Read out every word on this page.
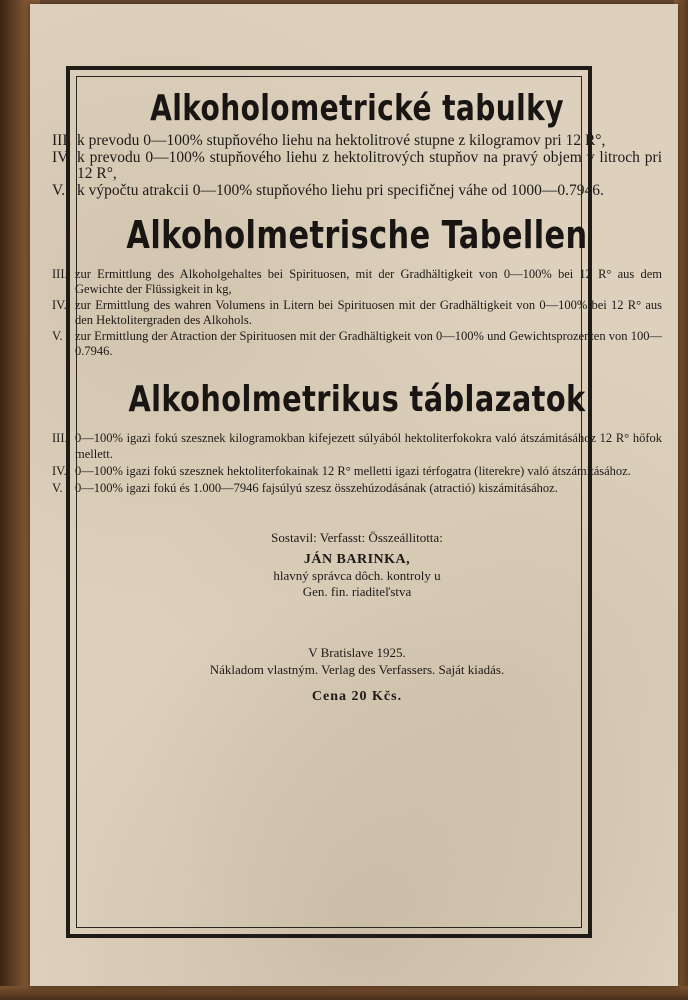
Alkoholometrické tabulky
III. k prevodu 0—100% stupňového liehu na hektolitrové stupne z kilogramov pri 12 R°,
IV. k prevodu 0—100% stupňového liehu z hektolitrových stupňov na pravý objem v litroch pri 12 R°,
V. k výpočtu atrakcii 0—100% stupňového liehu pri specifičnej váhe od 1000—0.7946.
Alkoholmetrische Tabellen
III. zur Ermittlung des Alkoholgehaltes bei Spirituosen, mit der Gradhältigkeit von 0—100% bei 12 R° aus dem Gewichte der Flüssigkeit in kg,
IV. zur Ermittlung des wahren Volumens in Litern bei Spirituosen mit der Gradhältigkeit von 0—100% bei 12 R° aus den Hektolitergraden des Alkohols.
V. zur Ermittlung der Atraction der Spirituosen mit der Gradhältigkeit von 0—100% und Gewichtsprozenten von 100—0.7946.
Alkoholmetrikus táblazatok
III. 0—100% igazi fokú szesznek kilogramokban kifejezett súlyából hektoliterfokokra való átszámitásához 12 R° hőfok mellett.
IV. 0—100% igazi fokú szesznek hektoliterfokainak 12 R° melletti igazi térfogatra (literekre) való átszámitásához.
V. 0—100% igazi fokú és 1.000—7946 fajsúlyú szesz összehúzodásának (atractió) kiszámitásához.
Sostavil: Verfasst: Összeállitotta:
JÁN BARINKA,
hlavný správca dôch. kontroly u
Gen. fin. riaditeľstva
V Bratislave 1925.
Nákladom vlastným. Verlag des Verfassers. Saját kiadás.
Cena 20 Kčs.
